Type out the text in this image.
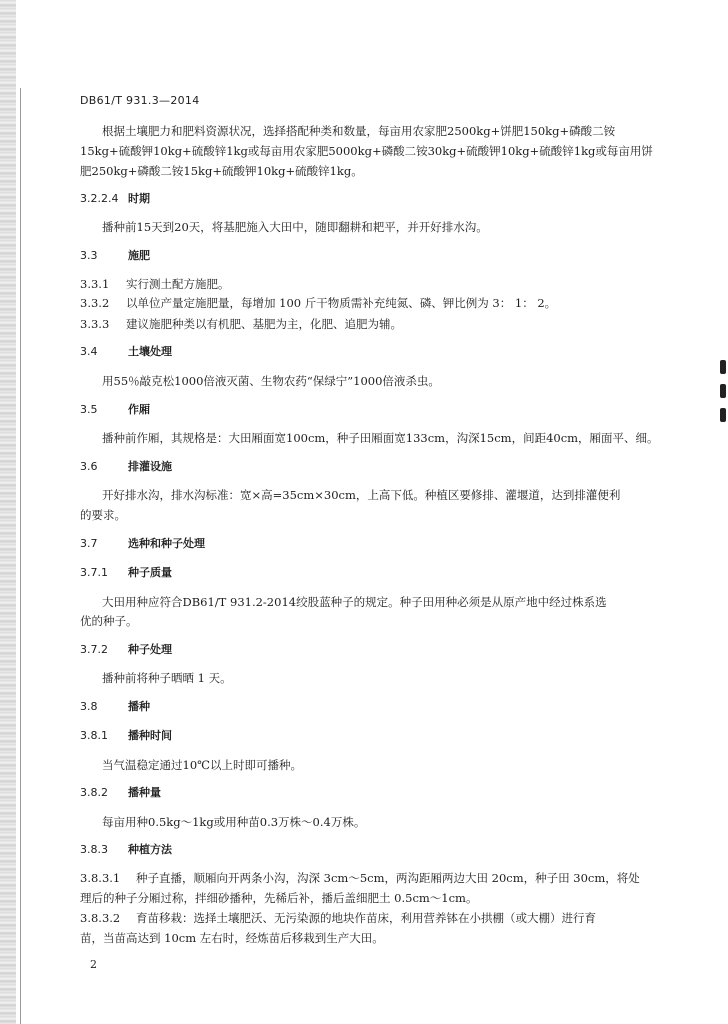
DB61/T 931.3—2014
根据土壤肥力和肥料资源状况，选择搭配种类和数量，每亩用农家肥2500kg+饼肥150kg+磷酸二铵
15kg+硫酸钾10kg+硫酸锌1kg或每亩用农家肥5000kg+磷酸二铵30kg+硫酸钾10kg+硫酸锌1kg或每亩用饼
肥250kg+磷酸二铵15kg+硫酸钾10kg+硫酸锌1kg。
3.2.2.4 时期
播种前15天到20天，将基肥施入大田中，随即翻耕和耙平，并开好排水沟。
3.3	施肥
3.3.1 实行测土配方施肥。
3.3.2 以单位产量定施肥量，每增加 100 斤干物质需补充纯氮、磷、钾比例为 3： 1： 2。
3.3.3 建议施肥种类以有机肥、基肥为主，化肥、追肥为辅。
3.4	土壤处理
用55％敲克松1000倍液灭菌、生物农药“保绿宁”1000倍液杀虫。
3.5	作厢
播种前作厢，其规格是：大田厢面宽100cm，种子田厢面宽133cm，沟深15cm，间距40cm，厢面平、细。
3.6	排灌设施
开好排水沟，排水沟标准：宽×高=35cm×30cm，上高下低。种植区要修排、灌堰道，达到排灌便利
的要求。
3.7	选种和种子处理
3.7.1 种子质量
大田用种应符合DB61/T 931.2-2014绞股蓝种子的规定。种子田用种必须是从原产地中经过株系选
优的种子。
3.7.2 种子处理
播种前将种子晒晒 1 天。
3.8	播种
3.8.1 播种时间
当气温稳定通过10℃以上时即可播种。
3.8.2 播种量
每亩用种0.5kg～1kg或用种苗0.3万株～0.4万株。
3.8.3 种植方法
3.8.3.1 种子直播，顺厢向开两条小沟，沟深 3cm～5cm，两沟距厢两边大田 20cm，种子田 30cm，将处
理后的种子分厢过称，拌细砂播种，先稀后补，播后盖细肥土 0.5cm～1cm。
3.8.3.2 育苗移栽：选择土壤肥沃、无污染源的地块作苗床，利用营养钵在小拱棚（或大棚）进行育
苗，当苗高达到 10cm 左右时，经炼苗后移栽到生产大田。
2
